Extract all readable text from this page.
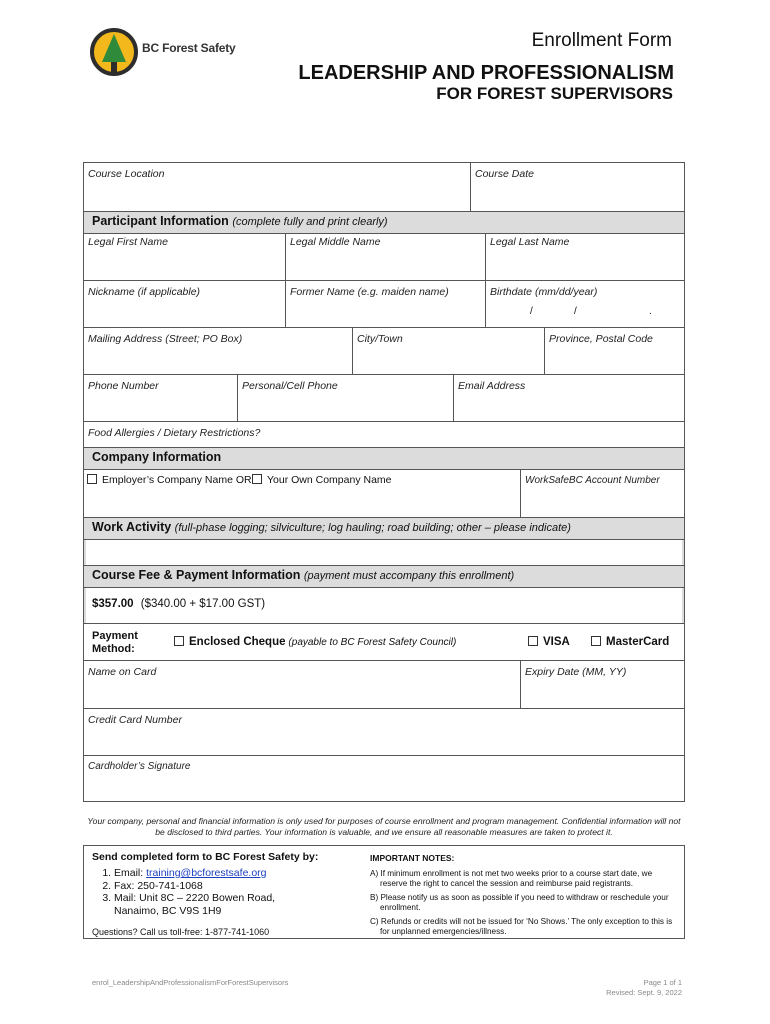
BC Forest Safety	Enrollment Form
LEADERSHIP AND PROFESSIONALISM
FOR FOREST SUPERVISORS
Course Location	Course Date
Participant Information (complete fully and print clearly)
Legal First Name	Legal Middle Name	Legal Last Name
Nickname (if applicable)	Former Name (e.g. maiden name)	Birthdate (mm/dd/year)
/	/	.
Mailing Address (Street; PO Box)	City/Town	Province, Postal Code
Phone Number	Personal/Cell Phone	Email Address
Food Allergies / Dietary Restrictions?
Company Information
Employer’s Company Name OR	Your Own Company Name	WorkSafeBC Account Number
Work Activity (full-phase logging; silviculture; log hauling; road building; other – please indicate)
Course Fee & Payment Information (payment must accompany this enrollment)
$357.00 ($340.00 + $17.00 GST)
Payment Method:
Enclosed Cheque (payable to BC Forest Safety Council)	VISA	MasterCard
Name on Card	Expiry Date (MM, YY)
Credit Card Number
Cardholder’s Signature
Your company, personal and financial information is only used for purposes of course enrollment and program management. Confidential information will not be disclosed to third parties. Your information is valuable, and we ensure all reasonable measures are taken to protect it.
Send completed form to BC Forest Safety by:
1. Email: training@bcforestsafe.org
2. Fax: 250-741-1068
3. Mail: Unit 8C – 2220 Bowen Road,
Nanaimo, BC V9S 1H9
Questions? Call us toll-free: 1-877-741-1060
IMPORTANT NOTES:
A) If minimum enrollment is not met two weeks prior to a course start date, we reserve the right to cancel the session and reimburse paid registrants.
B) Please notify us as soon as possible if you need to withdraw or reschedule your enrollment.
C) Refunds or credits will not be issued for ‘No Shows.’ The only exception to this is for unplanned emergencies/illness.
enrol_LeadershipAndProfessionalismForForestSupervisors	Page 1 of 1
Revised: Sept. 9, 2022
